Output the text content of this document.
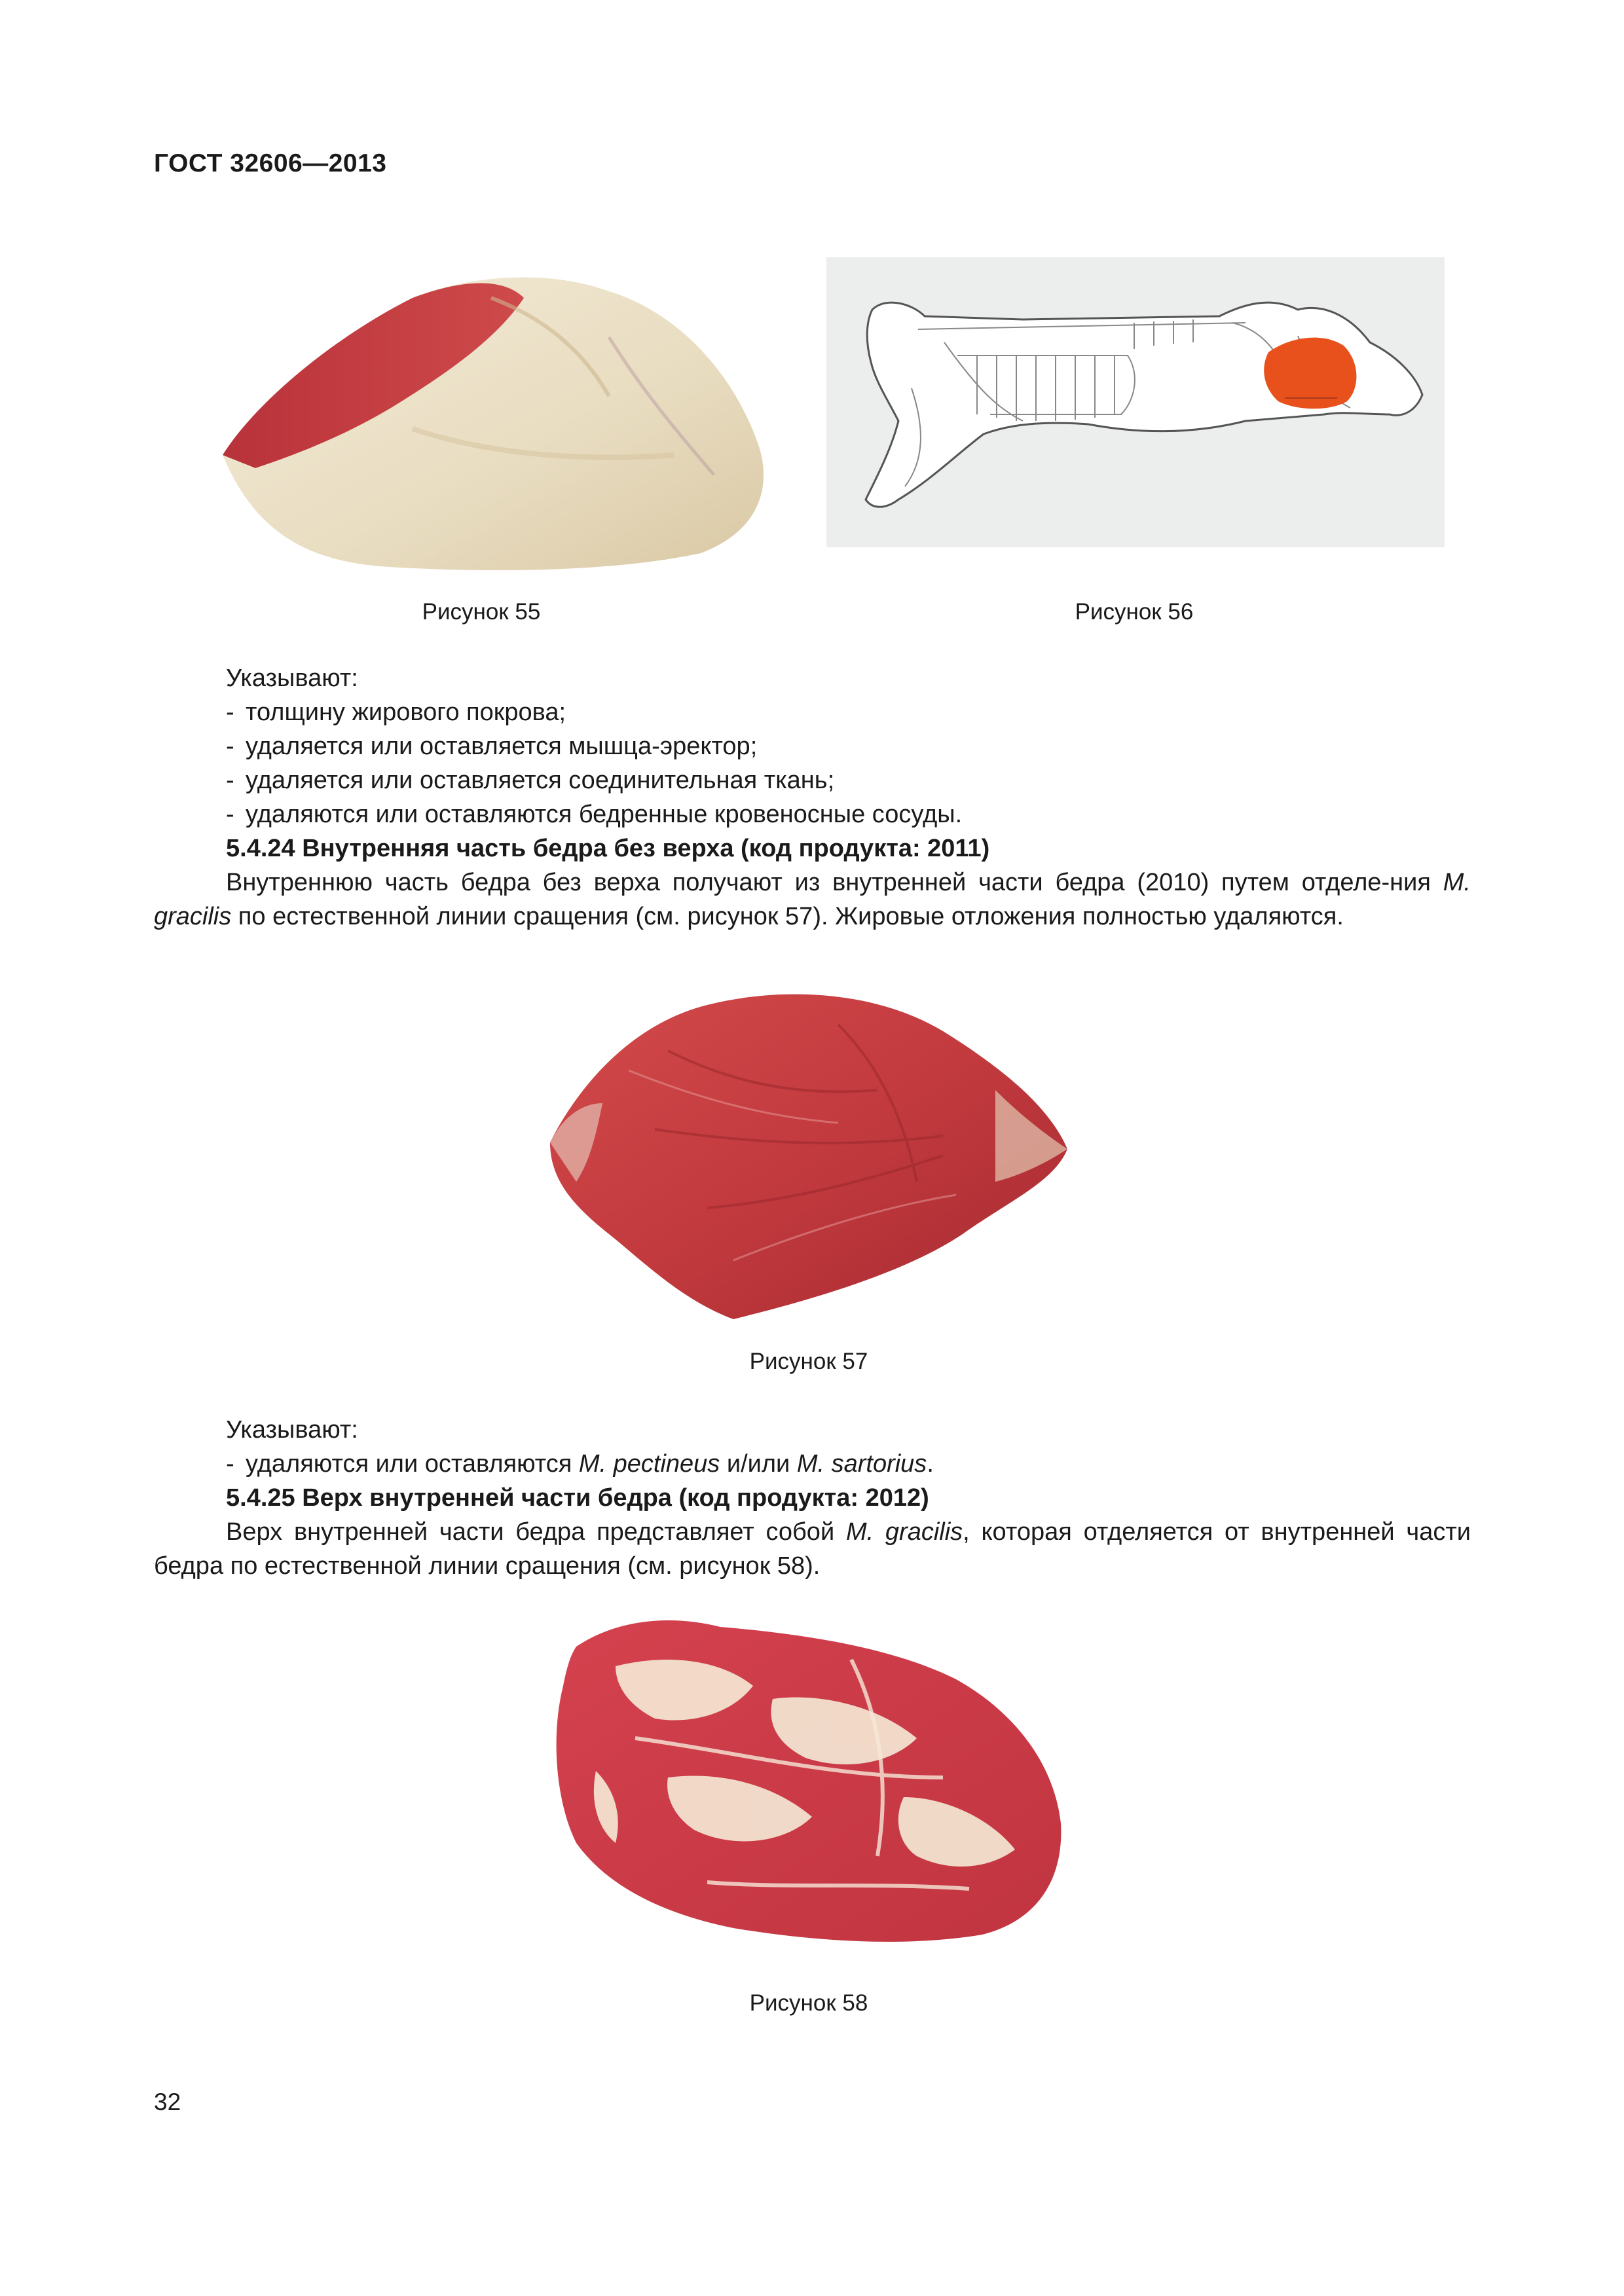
ГОСТ 32606—2013
Рисунок 55	Рисунок 56
Указывают:
- толщину жирового покрова;
- удаляется или оставляется мышца-эректор;
- удаляется или оставляется соединительная ткань;
- удаляются или оставляются бедренные кровеносные сосуды.
5.4.24 Внутренняя часть бедра без верха (код продукта: 2011)
Внутреннюю часть бедра без верха получают из внутренней части бедра (2010) путем отделе-ния M. gracilis по естественной линии сращения (см. рисунок 57). Жировые отложения полностью удаляются.
Рисунок 57
Указывают:
- удаляются или оставляются M. pectineus и/или M. sartorius.
5.4.25 Верх внутренней части бедра (код продукта: 2012)
Верх внутренней части бедра представляет собой M. gracilis, которая отделяется от внутренней части бедра по естественной линии сращения (см. рисунок 58).
Рисунок 58
32
